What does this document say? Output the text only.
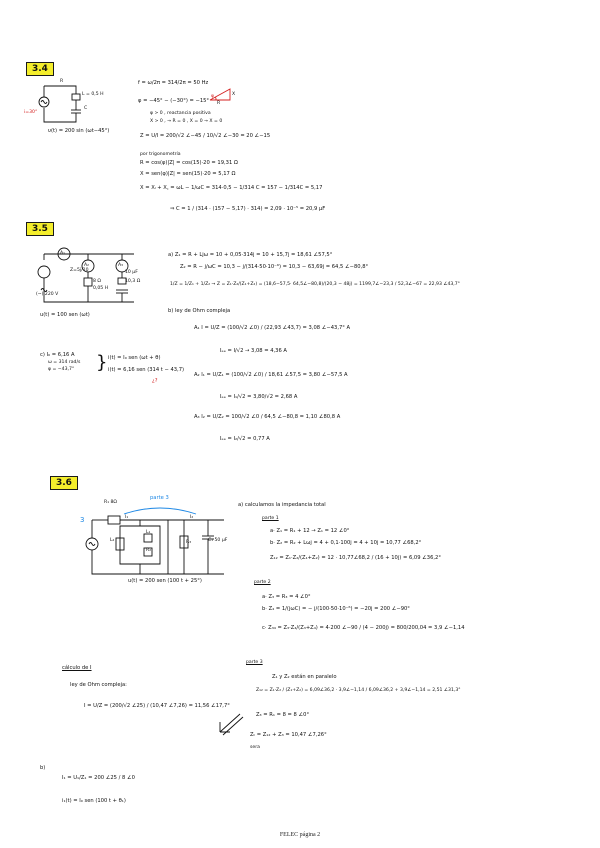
3.4
R
L = 0,5 H
C
i=30°
υ(t) = 200 sin (ωt−45°)
f = ω/2π = 314/2π = 50 Hz
φ = −45° − (−30°) = −15°
φ > 0 , reactancia positiva
X > 0 , → R = 0 , X = 0 → X = 0
Z = U/I = 200/√2 ∠−45 / 10/√2 ∠−30 = 20 ∠−15
por trigonometría
R = cos(φ)|Z| = cos(15)·20 = 19,31 Ω
X = sen(φ)|Z| = sen(15)·20 = 5,17 Ω
X = Xₗ + X꜀ = ωL − 1/ωC = 314·0,5 − 1/314 C = 157 − 1/314C = 5,17
⇒ C = 1 / (314 · (157 − 5,17) · 314) = 2,09 · 10⁻⁵ = 20,9 μF
R
X
φ
3.5
A₁
A₂	A₃
Z=5j/10
8 Ω
0,05 H
10,3 Ω
10 μF
(~) 220 V
u(t) = 100 sen (ωt)
a) Z₁ = R + Ljω = 10 + 0,05·314j = 10 + 15,7j = 18,61 ∠57,5°
Z₂ = R − j/ωC = 10,3 − j/(314·50·10⁻⁶) = 10,3 − 63,69j = 64,5 ∠−80,8°
1/Z = 1/Z₁ + 1/Z₂ → Z = Z₁·Z₂/(Z₁+Z₂) = (18,6−57,5· 64,5∠−80,8)/(20,3 − 48j) = 1199,7∠−23,3 / 52,3∠−67 = 22,93 ∠43,7°
b) ley de Ohm compleja
A₁ I = U/Z = (100/√2 ∠0) / (22,93 ∠43,7) = 3,08 ∠−43,7° A
Iₑₑ = I/√2 → 3,08 = 4,36 A
A₂ I₁ = U/Z₁ = (100/√2 ∠0) / 18,61 ∠57,5 = 3,80 ∠−57,5 A
Iₑₑ = I₁/√2 = 3,80/√2 = 2,68 A
A₃ I₂ = U/Z₂ = 100/√2 ∠0 / 64,5 ∠−80,8 = 1,10 ∠80,8 A
Iₑₑ = I₂/√2 = 0,77 A
c) I₀ = 6,16 A
ω = 314 rad/s
φ = −43,7° } i(t) = I₀ sen (ωt + θ)
i(t) = 6,16 sen (314 t − 43,7)
¿?
3.6
parte 3
R₁ 8Ω
I₁	I₂
L₁
R₂
C₁ 50 μF
R₃
L₂
3
u(t) = 200 sen (100 t + 25°)
a) calculamos la impedancia total
parte 1
a· Z₁ = R₁ + 12 → Z₁ = 12 ∠0°
b· Z₂ = R₂ + Lωj = 4 + 0,1·100j = 4 + 10j = 10,77 ∠68,2°
Z₁₂ = Z₁·Z₂/(Z₁+Z₂) = 12 · 10,77∠68,2 / (16 + 10j) = 6,09 ∠36,2°
parte 2
a· Z₃ = R₃ = 4 ∠0°
b· Z₄ = 1/(jωC) = − j/(100·50·10⁻⁶) = −20j = 200 ∠−90°
c· Z₃₄ = Z₃·Z₄/(Z₃+Z₄) = 4·200 ∠−90 / (4 − 200j) = 800/200,04 = 3,9 ∠−1,14
parte 3
Z₁ y Z₂ están en paralelo
Z₁₂ = Z₁·Z₂ / (Z₁+Z₂) = 6,09∠36,2 · 3,9∠−1,14 / 6,09∠36,2 + 3,9∠−1,14 = 2,51 ∠31,3°
Z₃ = R₁ = 8 = 8 ∠0°
Zₜ = Z₁₂ + Z₃ = 10,47 ∠7,26°
sera
cálculo de I
ley de Ohm compleja:
I = U/Z = (200/√2 ∠25) / (10,47 ∠7,26) = 11,56 ∠17,7°
b)
I₁ = U₁/Z₁ = 200 ∠25 / 8 ∠0
i₁(t) = I₀ sen (100 t + θ₁)
FELEC página 2
